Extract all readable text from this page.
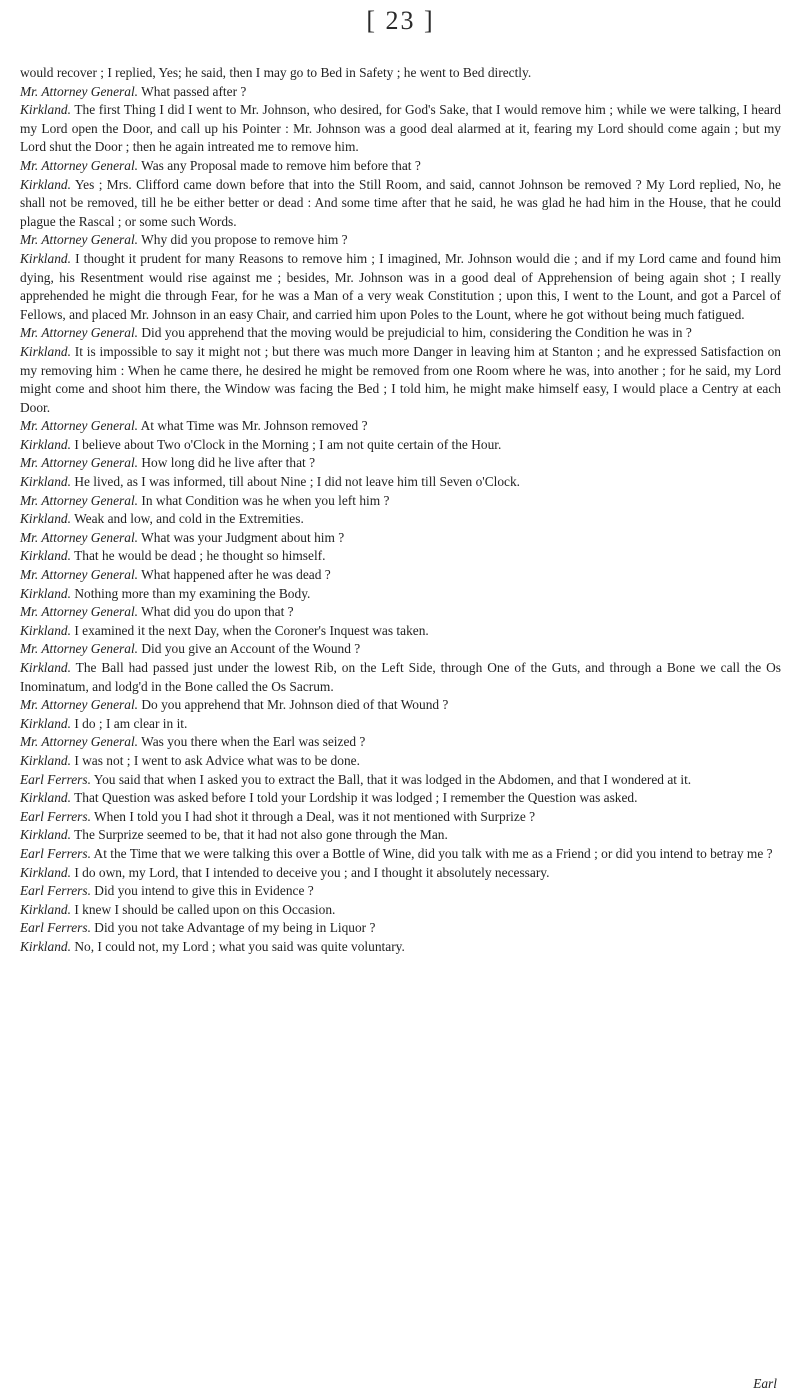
[ 23 ]

would recover ; I replied, Yes; he said, then I may go to Bed in Safety ; he went to Bed directly.

Mr. Attorney General. What passed after ?

Kirkland. The first Thing I did I went to Mr. Johnson, who desired, for God's Sake, that I would remove him ; while we were talking, I heard my Lord open the Door, and call up his Pointer : Mr. Johnson was a good deal alarmed at it, fearing my Lord should come again ; but my Lord shut the Door ; then he again intreated me to remove him.

Mr. Attorney General. Was any Proposal made to remove him before that ?

Kirkland. Yes ; Mrs. Clifford came down before that into the Still Room, and said, cannot Johnson be removed ? My Lord replied, No, he shall not be removed, till he be either better or dead : And some time after that he said, he was glad he had him in the House, that he could plague the Rascal ; or some such Words.

Mr. Attorney General. Why did you propose to remove him ?

Kirkland. I thought it prudent for many Reasons to remove him ; I imagined, Mr. Johnson would die ; and if my Lord came and found him dying, his Resentment would rise against me ; besides, Mr. Johnson was in a good deal of Apprehension of being again shot ; I really apprehended he might die through Fear, for he was a Man of a very weak Constitution ; upon this, I went to the Lount, and got a Parcel of Fellows, and placed Mr. Johnson in an easy Chair, and carried him upon Poles to the Lount, where he got without being much fatigued.

Mr. Attorney General. Did you apprehend that the moving would be prejudicial to him, considering the Condition he was in ?

Kirkland. It is impossible to say it might not ; but there was much more Danger in leaving him at Stanton ; and he expressed Satisfaction on my removing him : When he came there, he desired he might be removed from one Room where he was, into another ; for he said, my Lord might come and shoot him there, the Window was facing the Bed ; I told him, he might make himself easy, I would place a Centry at each Door.

Mr. Attorney General. At what Time was Mr. Johnson removed ?

Kirkland. I believe about Two o'Clock in the Morning ; I am not quite certain of the Hour.

Mr. Attorney General. How long did he live after that ?

Kirkland. He lived, as I was informed, till about Nine ; I did not leave him till Seven o'Clock.

Mr. Attorney General. In what Condition was he when you left him ?

Kirkland. Weak and low, and cold in the Extremities.

Mr. Attorney General. What was your Judgment about him ?

Kirkland. That he would be dead ; he thought so himself.

Mr. Attorney General. What happened after he was dead ?

Kirkland. Nothing more than my examining the Body.

Mr. Attorney General. What did you do upon that ?

Kirkland. I examined it the next Day, when the Coroner's Inquest was taken.

Mr. Attorney General. Did you give an Account of the Wound ?

Kirkland. The Ball had passed just under the lowest Rib, on the Left Side, through One of the Guts, and through a Bone we call the Os Inominatum, and lodg'd in the Bone called the Os Sacrum.

Mr. Attorney General. Do you apprehend that Mr. Johnson died of that Wound ?

Kirkland. I do ; I am clear in it.

Mr. Attorney General. Was you there when the Earl was seized ?

Kirkland. I was not ; I went to ask Advice what was to be done.

Earl Ferrers. You said that when I asked you to extract the Ball, that it was lodged in the Abdomen, and that I wondered at it.

Kirkland. That Question was asked before I told your Lordship it was lodged ; I remember the Question was asked.

Earl Ferrers. When I told you I had shot it through a Deal, was it not mentioned with Surprize ?

Kirkland. The Surprize seemed to be, that it had not also gone through the Man.

Earl Ferrers. At the Time that we were talking this over a Bottle of Wine, did you talk with me as a Friend ; or did you intend to betray me ?

Kirkland. I do own, my Lord, that I intended to deceive you ; and I thought it absolutely necessary.

Earl Ferrers. Did you intend to give this in Evidence ?

Kirkland. I knew I should be called upon on this Occasion.

Earl Ferrers. Did you not take Advantage of my being in Liquor ?

Kirkland. No, I could not, my Lord ; what you said was quite voluntary.

Earl
